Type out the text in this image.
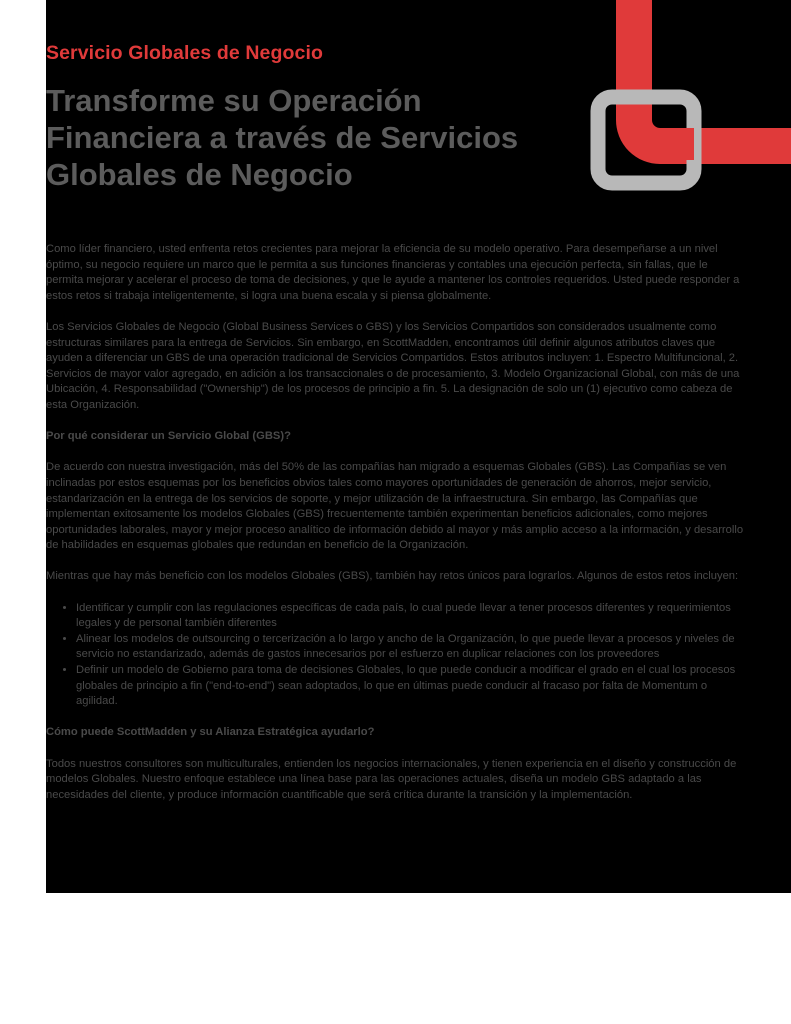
Servicio Globales de Negocio
Transforme su Operación
Financiera a través de Servicios
Globales de Negocio

Como líder financiero, usted enfrenta retos crecientes para mejorar la eficiencia de su modelo operativo. Para desempeñarse a un nivel óptimo, su negocio requiere un marco que le permita a sus funciones financieras y contables una ejecución perfecta, sin fallas, que le permita mejorar y acelerar el proceso de toma de decisiones, y que le ayude a mantener los controles requeridos. Usted puede responder a estos retos si trabaja inteligentemente, si logra una buena escala y si piensa globalmente.

Los Servicios Globales de Negocio (Global Business Services o GBS) y los Servicios Compartidos son considerados usualmente como estructuras similares para la entrega de Servicios. Sin embargo, en ScottMadden, encontramos útil definir algunos atributos claves que ayuden a diferenciar un GBS de una operación tradicional de Servicios Compartidos. Estos atributos incluyen: 1. Espectro Multifuncional, 2. Servicios de mayor valor agregado, en adición a los transaccionales o de procesamiento, 3. Modelo Organizacional Global, con más de una Ubicación, 4. Responsabilidad ("Ownership") de los procesos de principio a fin. 5. La designación de solo un (1) ejecutivo como cabeza de esta Organización.

Por qué considerar un Servicio Global (GBS)?

De acuerdo con nuestra investigación, más del 50% de las compañías han migrado a esquemas Globales (GBS). Las Compañías se ven inclinadas por estos esquemas por los beneficios obvios tales como mayores oportunidades de generación de ahorros, mejor servicio, estandarización en la entrega de los servicios de soporte, y mejor utilización de la infraestructura. Sin embargo, las Compañías que implementan exitosamente los modelos Globales (GBS) frecuentemente también experimentan beneficios adicionales, como mejores oportunidades laborales, mayor y mejor proceso analítico de información debido al mayor y más amplio acceso a la información, y desarrollo de habilidades en esquemas globales que redundan en beneficio de la Organización.

Mientras que hay más beneficio con los modelos Globales (GBS), también hay retos únicos para lograrlos. Algunos de estos retos incluyen:

• Identificar y cumplir con las regulaciones específicas de cada país, lo cual puede llevar a tener procesos diferentes y requerimientos legales y de personal también diferentes
• Alinear los modelos de outsourcing o tercerización a lo largo y ancho de la Organización, lo que puede llevar a procesos y niveles de servicio no estandarizado, además de gastos innecesarios por el esfuerzo en duplicar relaciones con los proveedores
• Definir un modelo de Gobierno para toma de decisiones Globales, lo que puede conducir a modificar el grado en el cual los procesos globales de principio a fin ("end-to-end") sean adoptados, lo que en últimas puede conducir al fracaso por falta de Momentum o agilidad.
Cómo puede ScottMadden y su Alianza Estratégica ayudarlo?

Todos nuestros consultores son multiculturales, entienden los negocios internacionales, y tienen experiencia en el diseño y construcción de modelos Globales. Nuestro enfoque establece una línea base para las operaciones actuales, diseña un modelo GBS adaptado a las necesidades del cliente, y produce información cuantificable que será crítica durante la transición y la implementación.
